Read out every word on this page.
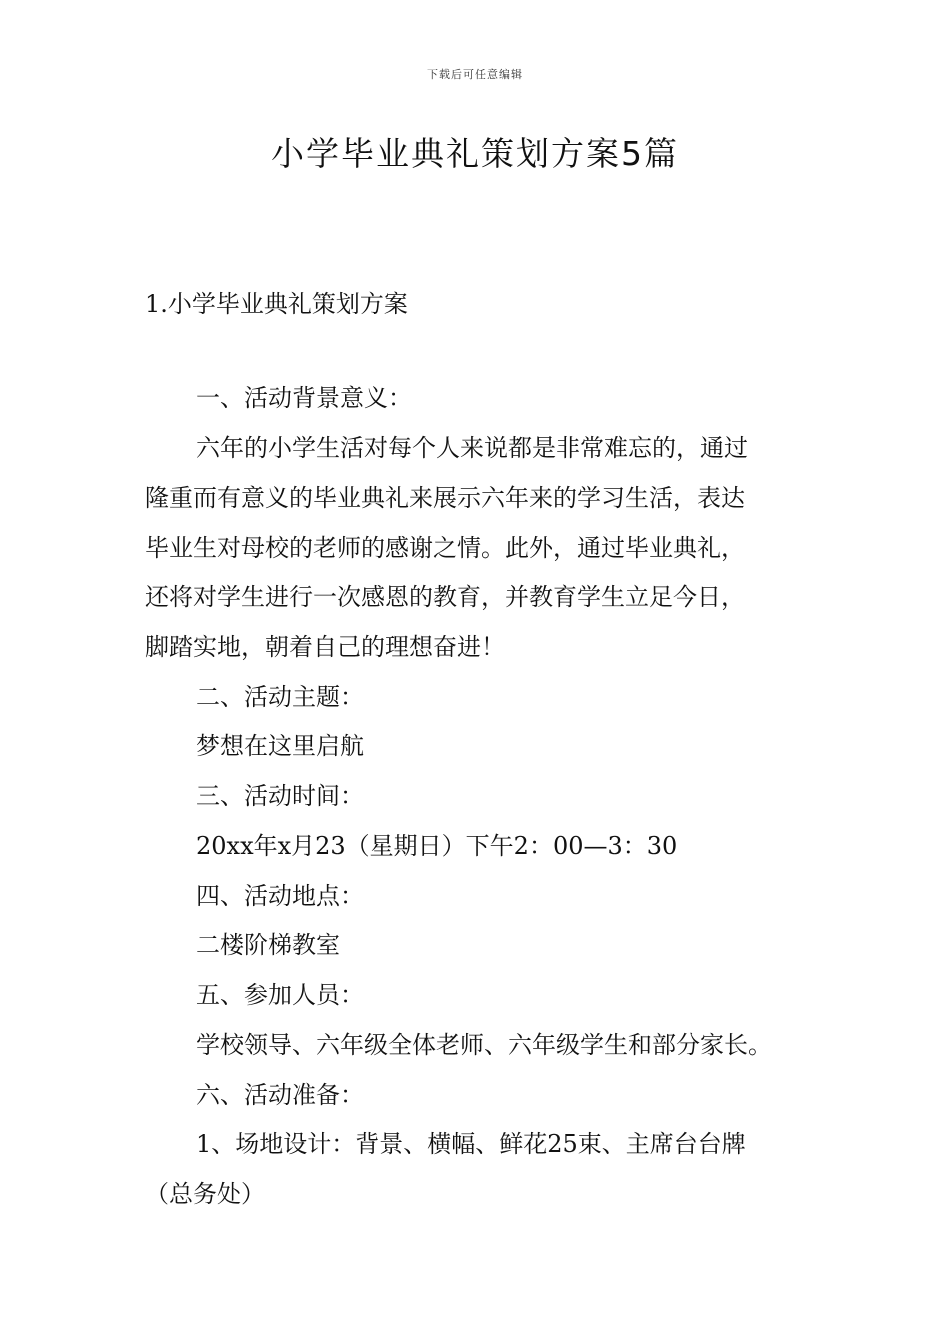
下载后可任意编辑
小学毕业典礼策划方案5篇
1.小学毕业典礼策划方案

一、活动背景意义：

六年的小学生活对每个人来说都是非常难忘的，通过

隆重而有意义的毕业典礼来展示六年来的学习生活，表达

毕业生对母校的老师的感谢之情。此外，通过毕业典礼，

还将对学生进行一次感恩的教育，并教育学生立足今日，

脚踏实地，朝着自己的理想奋进！

二、活动主题：

梦想在这里启航

三、活动时间：

20xx年x月23（星期日）下午2：00—3：30

四、活动地点：

二楼阶梯教室

五、参加人员：

学校领导、六年级全体老师、六年级学生和部分家长。

六、活动准备：

1、场地设计：背景、横幅、鲜花25束、主席台台牌

（总务处）
